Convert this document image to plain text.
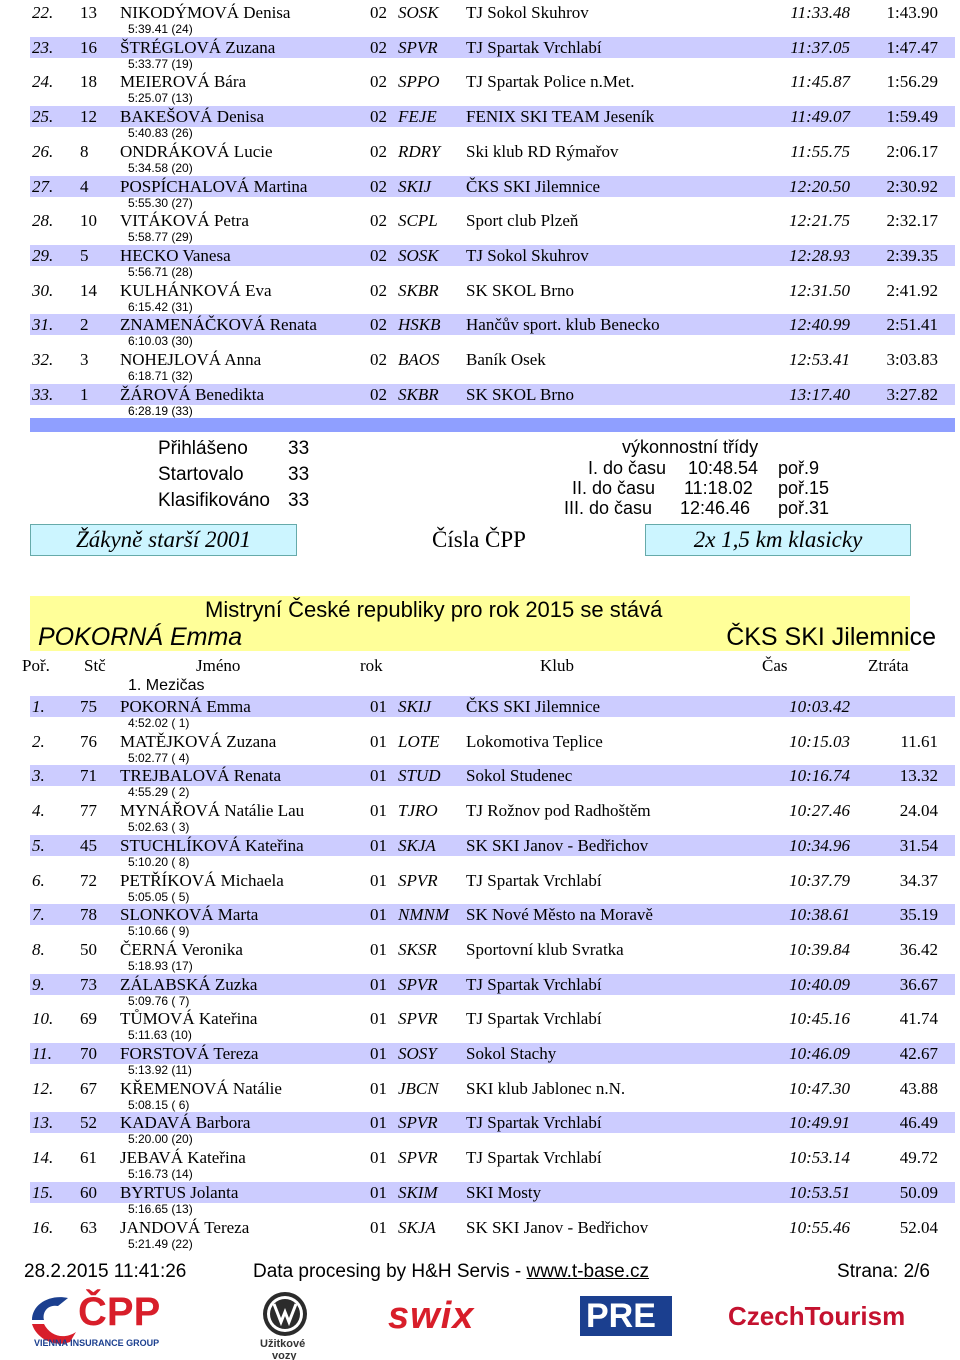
22. 13 NIKODÝMOVÁ Denisa	02 SOSK TJ Sokol Skuhrov	11:33.48 1:43.90
5:39.41 (24)
23. 16 ŠTRÉGLOVÁ Zuzana	02 SPVR TJ Spartak Vrchlabí	11:37.05 1:47.47
5:33.77 (19)
24. 18 MEIEROVÁ Bára	02 SPPO TJ Spartak Police n.Met.	11:45.87 1:56.29
5:25.07 (13)
25. 12 BAKEŠOVÁ Denisa	02 FEJE FENIX SKI TEAM Jeseník	11:49.07 1:59.49
5:40.83 (26)
26. 8 ONDRÁKOVÁ Lucie	02 RDRY Ski klub RD Rýmařov	11:55.75 2:06.17
5:34.58 (20)
27. 4 POSPÍCHALOVÁ Martina	02 SKIJ ČKS SKI Jilemnice	12:20.50 2:30.92
5:55.30 (27)
28. 10 VITÁKOVÁ Petra	02 SCPL Sport club Plzeň	12:21.75 2:32.17
5:58.77 (29)
29. 5 HECKO Vanesa	02 SOSK TJ Sokol Skuhrov	12:28.93 2:39.35
5:56.71 (28)
30. 14 KULHÁNKOVÁ Eva	02 SKBR SK SKOL Brno	12:31.50 2:41.92
6:15.42 (31)
31. 2 ZNAMENÁČKOVÁ Renata	02 HSKB Hančův sport. klub Benecko	12:40.99 2:51.41
6:10.03 (30)
32. 3 NOHEJLOVÁ Anna	02 BAOS Baník Osek	12:53.41 3:03.83
6:18.71 (32)
33. 1 ŽÁROVÁ Benedikta	02 SKBR SK SKOL Brno	13:17.40 3:27.82
6:28.19 (33)
Přihlášeno 33
Startovalo 33
Klasifikováno 33
výkonnostní třídy
I. do času 10:48.54 poř.9
II. do času 11:18.02 poř.15
III. do času 12:46.46 poř.31
Žákyně starší 2001	Čísla ČPP	2x 1,5 km klasicky
Mistryní České republiky pro rok 2015 se stává
POKORNÁ Emma	ČKS SKI Jilemnice
Poř. Stč	Jméno	rok	Klub	Čas	Ztráta
1. Mezičas
1. 75 POKORNÁ Emma	01 SKIJ ČKS SKI Jilemnice	10:03.42
4:52.02 ( 1)
2. 76 MATĚJKOVÁ Zuzana	01 LOTE Lokomotiva Teplice	10:15.03	11.61
5:02.77 ( 4)
3. 71 TREJBALOVÁ Renata	01 STUD Sokol Studenec	10:16.74	13.32
4:55.29 ( 2)
4. 77 MYNÁŘOVÁ Natálie Lau	01 TJRO TJ Rožnov pod Radhoštěm	10:27.46	24.04
5:02.63 ( 3)
5. 45 STUCHLÍKOVÁ Kateřina	01 SKJA SK SKI Janov - Bedřichov	10:34.96	31.54
5:10.20 ( 8)
6. 72 PETŘÍKOVÁ Michaela	01 SPVR TJ Spartak Vrchlabí	10:37.79	34.37
5:05.05 ( 5)
7. 78 SLONKOVÁ Marta	01 NMNM SK Nové Město na Moravě	10:38.61	35.19
5:10.66 ( 9)
8. 50 ČERNÁ Veronika	01 SKSR Sportovní klub Svratka	10:39.84	36.42
5:18.93 (17)
9. 73 ZÁLABSKÁ Zuzka	01 SPVR TJ Spartak Vrchlabí	10:40.09	36.67
5:09.76 ( 7)
10. 69 TŮMOVÁ Kateřina	01 SPVR TJ Spartak Vrchlabí	10:45.16	41.74
5:11.63 (10)
11. 70 FORSTOVÁ Tereza	01 SOSY Sokol Stachy	10:46.09	42.67
5:13.92 (11)
12. 67 KŘEMENOVÁ Natálie	01 JBCN SKI klub Jablonec n.N.	10:47.30	43.88
5:08.15 ( 6)
13. 52 KADAVÁ Barbora	01 SPVR TJ Spartak Vrchlabí	10:49.91	46.49
5:20.00 (20)
14. 61 JEBAVÁ Kateřina	01 SPVR TJ Spartak Vrchlabí	10:53.14	49.72
5:16.73 (14)
15. 60 BYRTUS Jolanta	01 SKIM SKI Mosty	10:53.51	50.09
5:16.65 (13)
16. 63 JANDOVÁ Tereza	01 SKJA SK SKI Janov - Bedřichov	10:55.46	52.04
5:21.49 (22)
28.2.2015 11:41:26	Data procesing by H&H Servis - www.t-base.cz	Strana: 2/6
ČPP
VIENNA INSURANCE GROUP	Užitkové
vozy
swix	PRE	CzechTourism
